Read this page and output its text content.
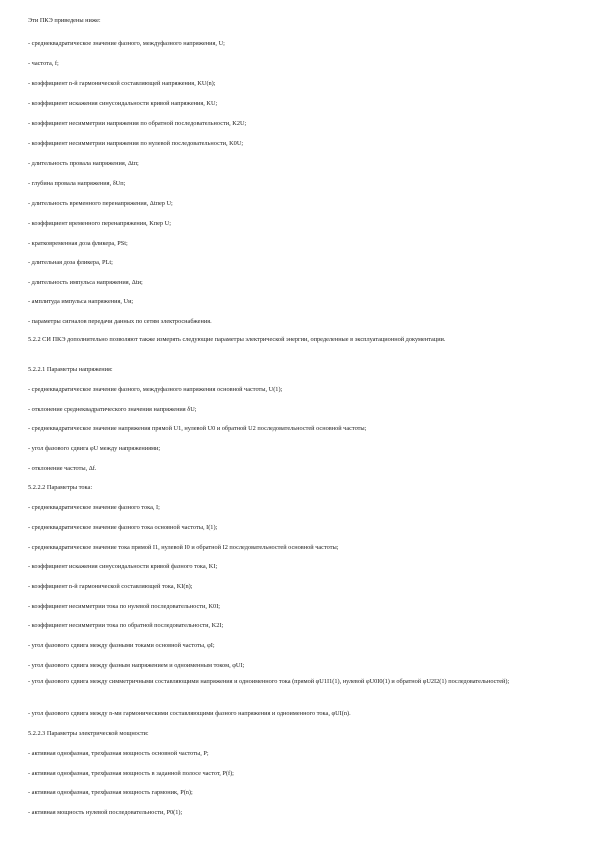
Эти ПКЭ приведены ниже:
- среднеквадратическое значение фазного, междуфазного напряжения, U;
- частота, f;
- коэффициент n-й гармонической составляющей напряжения, KU(n);
- коэффициент искажения синусоидальности кривой напряжения, KU;
- коэффициент несимметрии напряжения по обратной последовательности, K2U;
- коэффициент несимметрии напряжения по нулевой последовательности, K0U;
- длительность провала напряжения, Δtп;
- глубина провала напряжения, δUп;
- длительность временного перенапряжения, Δtпер U;
- коэффициент временного перенапряжения, Kпер U;
- кратковременная доза фликера, PSt;
- длительная доза фликера, PLt;
- длительность импульса напряжения, Δtи;
- амплитуда импульса напряжения, Uи;
- параметры сигналов передачи данных по сетям электроснабжения.
5.2.2 СИ ПКЭ дополнительно позволяют также измерять следующие параметры электрической энергии, определенные в эксплуатационной документации.
5.2.2.1 Параметры напряжения:
- среднеквадратическое значение фазного, междуфазного напряжения основной частоты, U(1);
- отклонение среднеквадратического значения напряжения δU;
- среднеквадратическое значение напряжения прямой U1, нулевой U0 и обратной U2 последовательностей основной частоты;
- угол фазового сдвига φU между напряжениями;
- отклонение частоты, Δf.
5.2.2.2 Параметры тока:
- среднеквадратическое значение фазного тока, I;
- среднеквадратическое значение фазного тока основной частоты, I(1);
- среднеквадратическое значение тока прямой I1, нулевой I0 и обратной I2 последовательностей основной частоты;
- коэффициент искажения синусоидальности кривой фазного тока, KI;
- коэффициент n-й гармонической составляющей тока, KI(n);
- коэффициент несимметрии тока по нулевой последовательности, K0I;
- коэффициент несимметрии тока по обратной последовательности, K2I;
- угол фазового сдвига между фазными токами основной частоты, φI;
- угол фазового сдвига между фазным напряжением и одноименным током, φUI;
- угол фазового сдвига между симметричными составляющими напряжения и одноименного тока (прямой φU1I1(1), нулевой φU0I0(1) и обратной φU2I2(1) последовательностей);
- угол фазового сдвига между n-ми гармоническими составляющими фазного напряжения и одноименного тока, φUI(n).
5.2.2.3 Параметры электрической мощности:
- активная однофазная, трехфазная мощность основной частоты, P;
- активная однофазная, трехфазная мощность в заданной полосе частот, P(f);
- активная однофазная, трехфазная мощность гармоник, P(n);
- активная мощность нулевой последовательности, P0(1);
